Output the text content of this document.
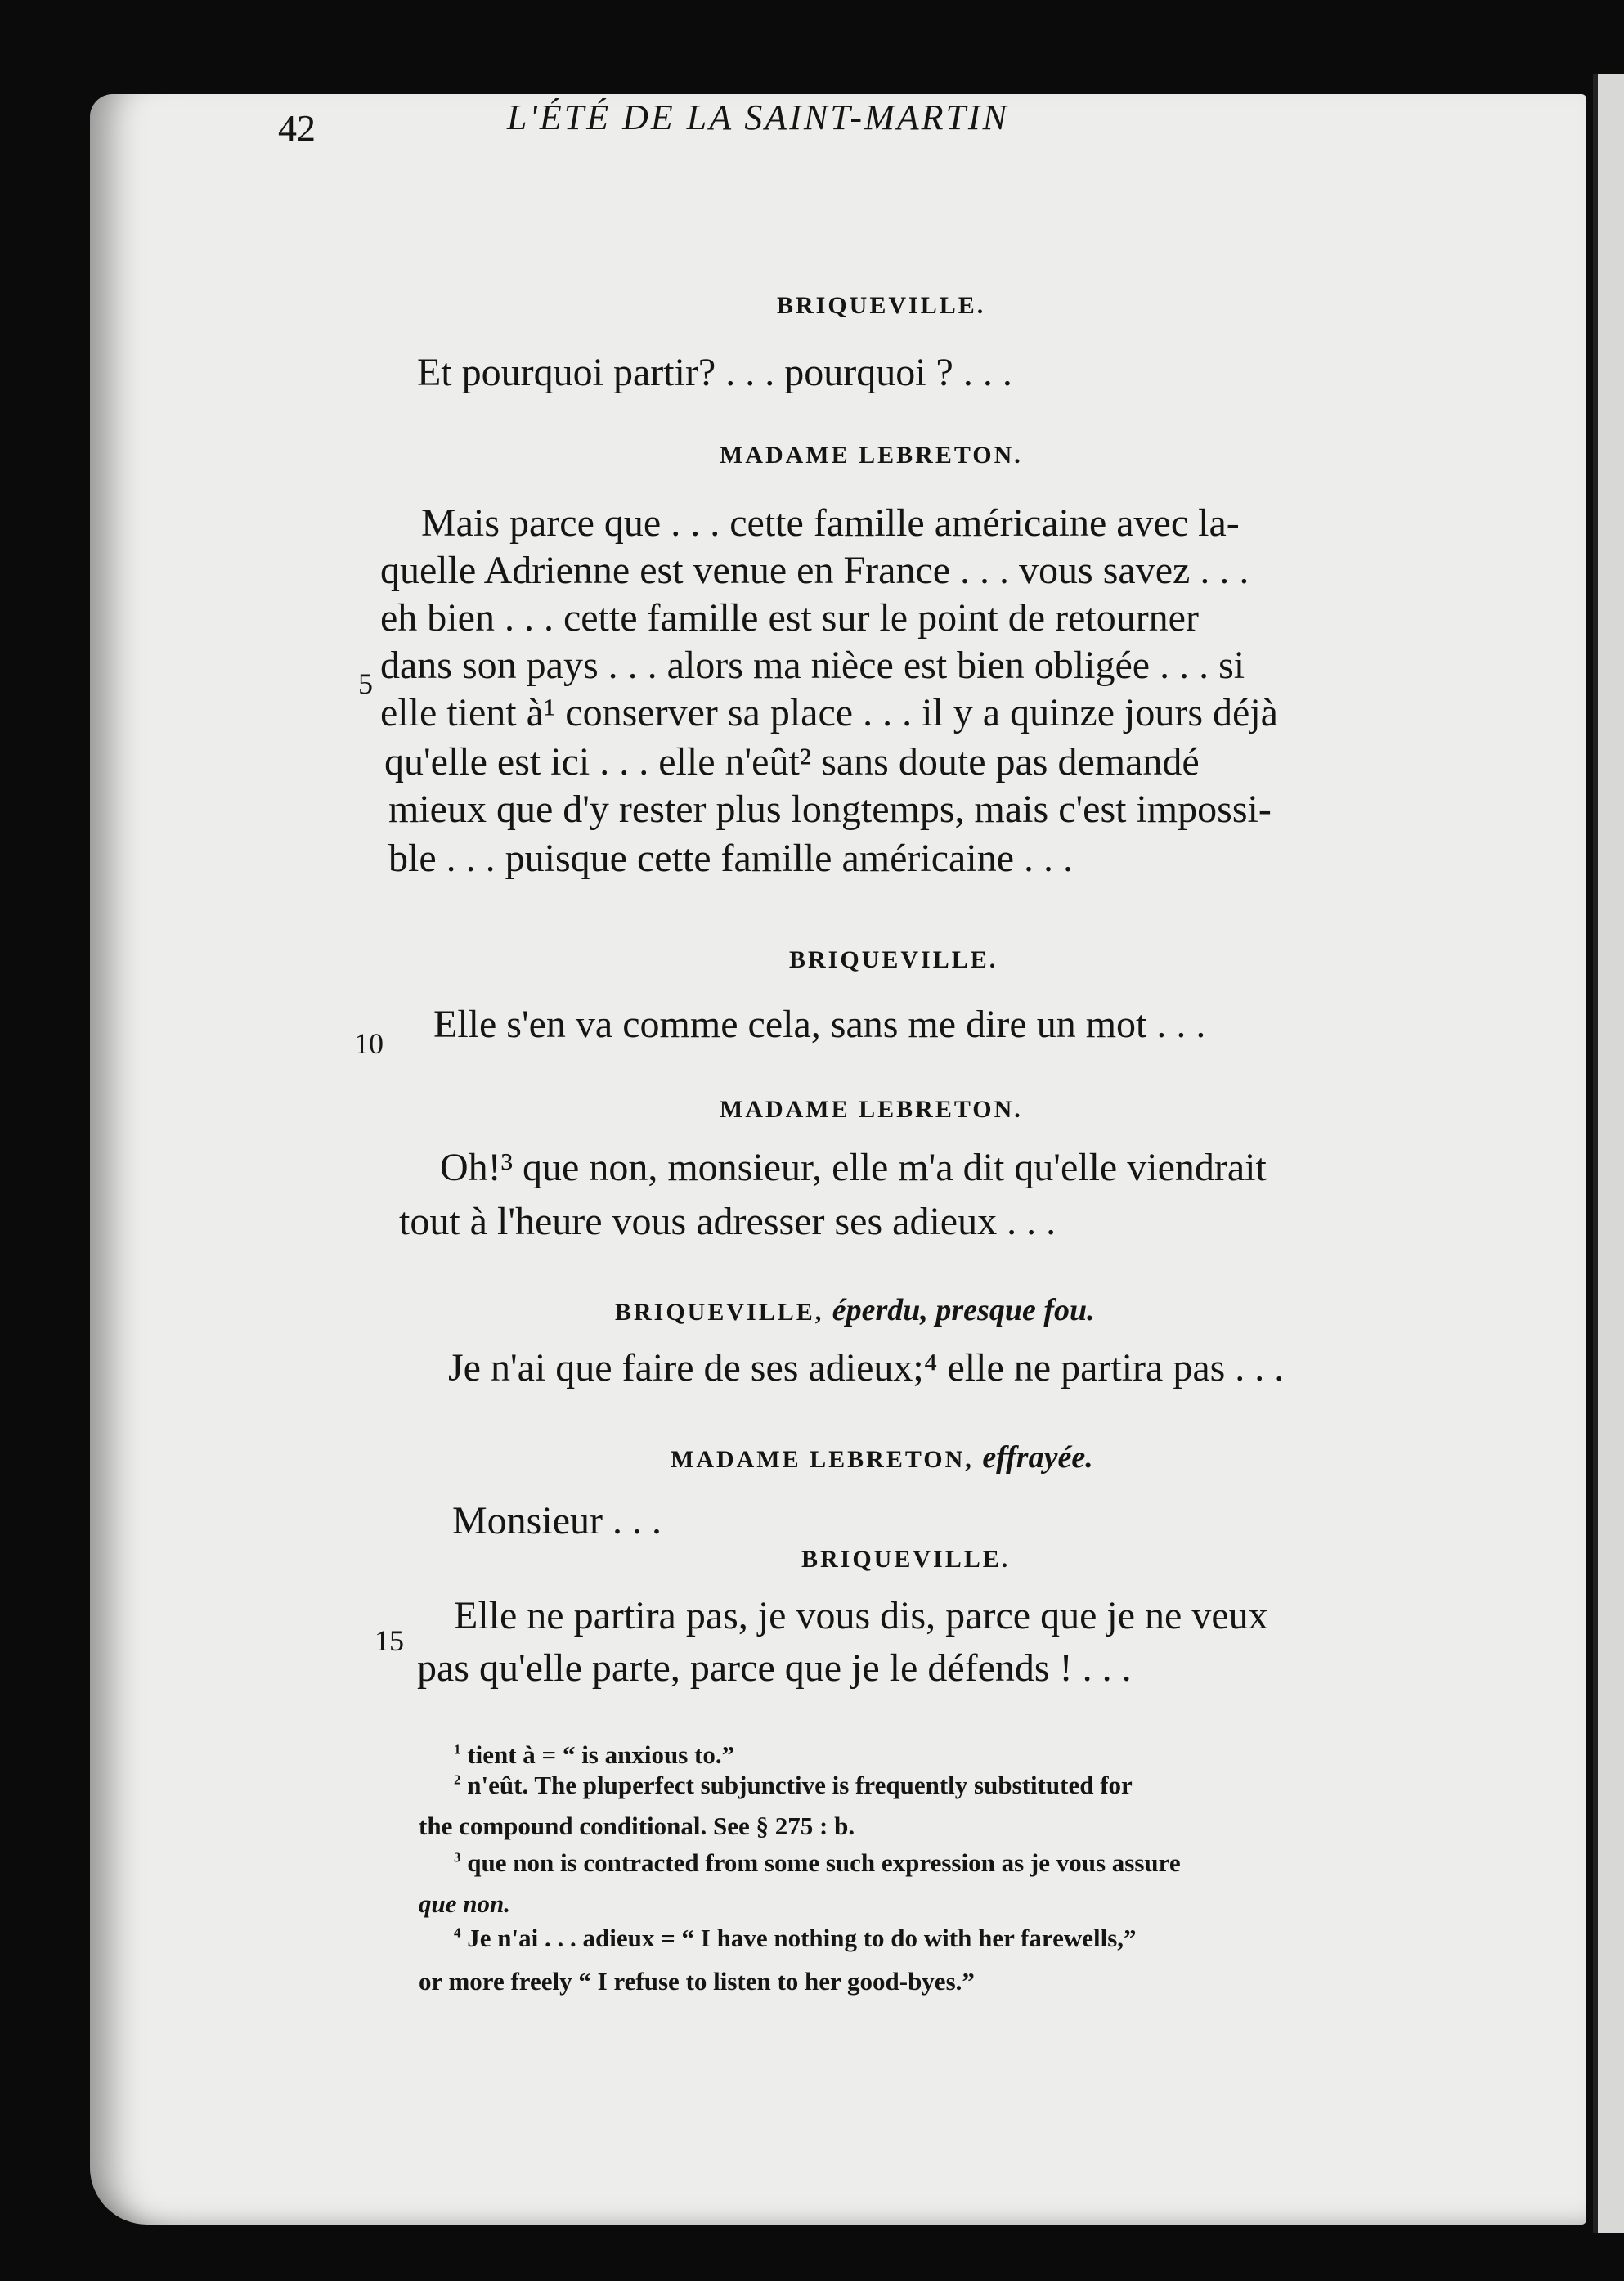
42	L'ÉTÉ DE LA SAINT-MARTIN
BRIQUEVILLE.
Et pourquoi partir? . . . pourquoi ? . . .
MADAME LEBRETON.
Mais parce que . . . cette famille américaine avec la-
quelle Adrienne est venue en France . . . vous savez . . .
eh bien . . . cette famille est sur le point de retourner
5 dans son pays . . . alors ma nièce est bien obligée . . . si
elle tient à¹ conserver sa place . . . il y a quinze jours déjà
qu'elle est ici . . . elle n'eût² sans doute pas demandé
mieux que d'y rester plus longtemps, mais c'est impossi-
ble . . . puisque cette famille américaine . . .
BRIQUEVILLE.
10 Elle s'en va comme cela, sans me dire un mot . . .
MADAME LEBRETON.
Oh!³ que non, monsieur, elle m'a dit qu'elle viendrait
tout à l'heure vous adresser ses adieux . . .
BRIQUEVILLE, éperdu, presque fou.
Je n'ai que faire de ses adieux;⁴ elle ne partira pas . . .
MADAME LEBRETON, effrayée.
Monsieur . . .
BRIQUEVILLE.
15
Elle ne partira pas, je vous dis, parce que je ne veux
pas qu'elle parte, parce que je le défends ! . . .
$^1$ tient à = “ is anxious to.”
$^2$ n'eût. The pluperfect subjunctive is frequently substituted for
the compound conditional. See § 275 : b.
$^3$ que non is contracted from some such expression as je vous assure
que non.
$^4$ Je n'ai . . . adieux = “ I have nothing to do with her farewells,”
or more freely “ I refuse to listen to her good-byes.”
